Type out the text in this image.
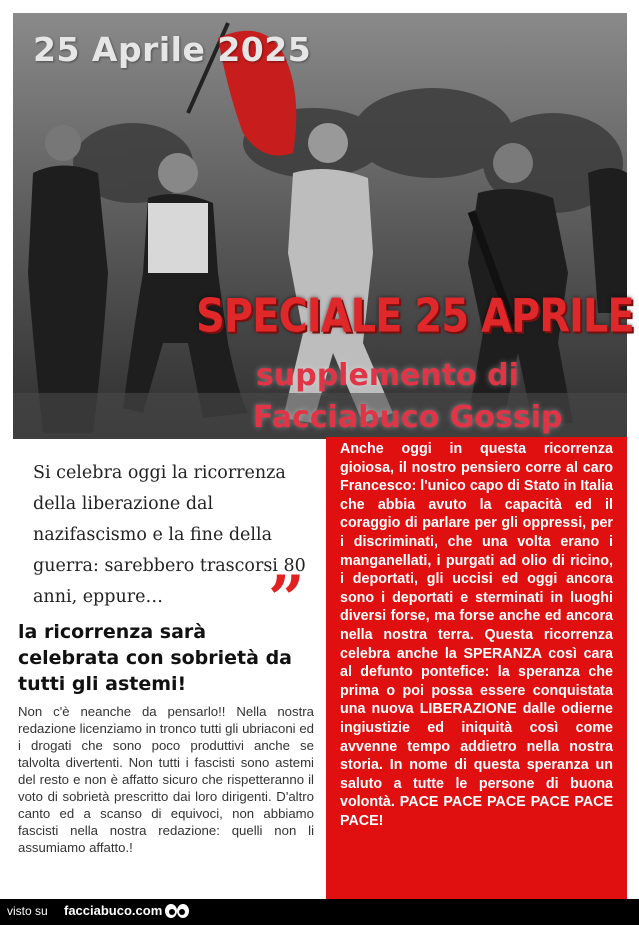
25 Aprile 2025
SPECIALE 25 APRILE
supplemento di
Facciabuco Gossip
Si celebra oggi la ricorrenza della liberazione dal nazifascismo e la fine della guerra: sarebbero trascorsi 80 anni, eppure…	”
la ricorrenza sarà celebrata con sobrietà da tutti gli astemi!
Non c'è neanche da pensarlo!! Nella nostra redazione licenziamo in tronco tutti gli ubriaconi ed i drogati che sono poco produttivi anche se talvolta divertenti. Non tutti i fascisti sono astemi del resto e non è affatto sicuro che rispetteranno il voto di sobrietà prescritto dai loro dirigenti. D'altro canto ed a scanso di equivoci, non abbiamo fascisti nella nostra redazione: quelli non li assumiamo affatto.!
Anche oggi in questa ricorrenza gioiosa, il nostro pensiero corre al caro Francesco: l'unico capo di Stato in Italia che abbia avuto la capacità ed il coraggio di parlare per gli oppressi, per i discriminati, che una volta erano i manganellati, i purgati ad olio di ricino, i deportati, gli uccisi ed oggi ancora sono i deportati e sterminati in luoghi diversi forse, ma forse anche ed ancora nella nostra terra. Questa ricorrenza celebra anche la SPERANZA così cara al defunto pontefice: la speranza che prima o poi possa essere conquistata una nuova LIBERAZIONE dalle odierne ingiustizie ed iniquità così come avvenne tempo addietro nella nostra storia. In nome di questa speranza un saluto a tutte le persone di buona volontà. PACE PACE PACE PACE PACE PACE!
visto su facciabuco.com
